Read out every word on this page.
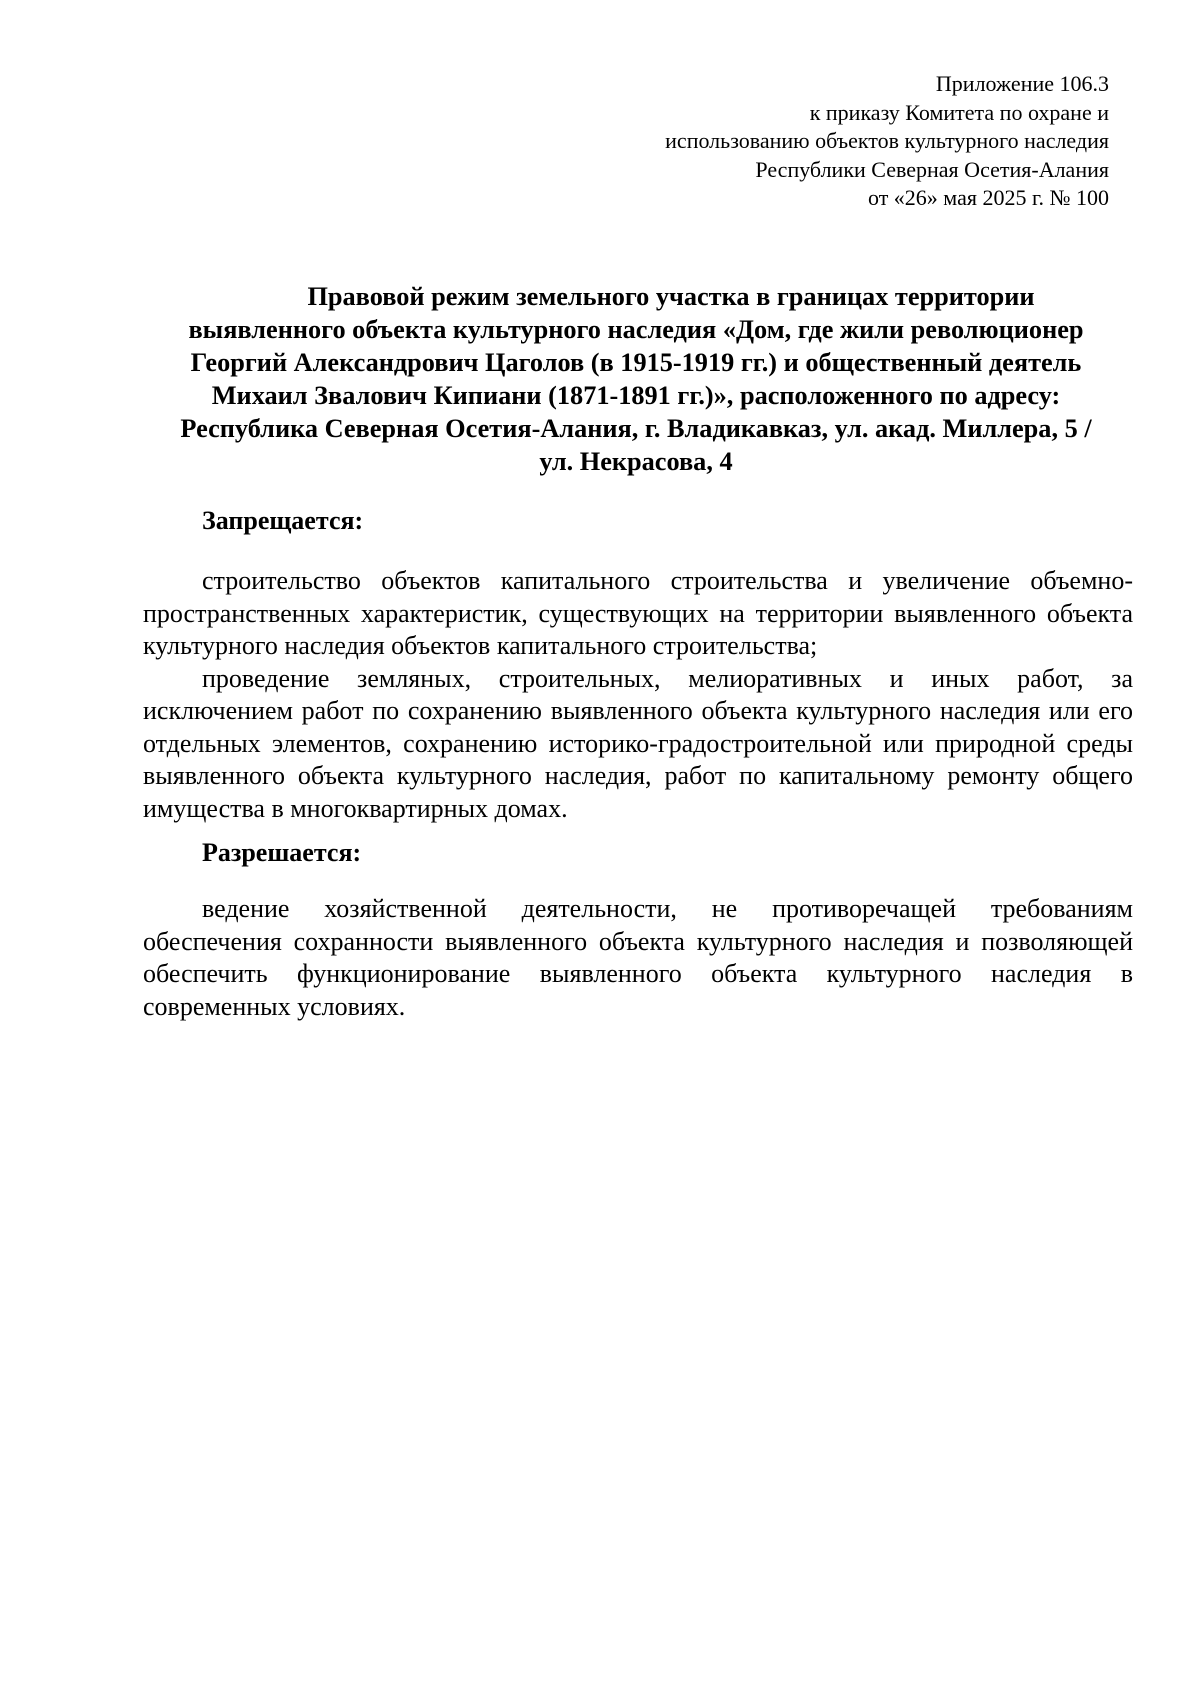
Приложение 106.3
к приказу Комитета по охране и
использованию объектов культурного наследия
Республики Северная Осетия-Алания
от «26» мая 2025 г. № 100
Правовой режим земельного участка в границах территории
выявленного объекта культурного наследия «Дом, где жили революционер
Георгий Александрович Цаголов (в 1915-1919 гг.) и общественный деятель
Михаил Звалович Кипиани (1871-1891 гг.)», расположенного по адресу:
Республика Северная Осетия-Алания, г. Владикавказ, ул. акад. Миллера, 5 /
ул. Некрасова, 4
Запрещается:

строительство объектов капитального строительства и увеличение объемно-пространственных характеристик, существующих на территории выявленного объекта культурного наследия объектов капитального строительства;

проведение земляных, строительных, мелиоративных и иных работ, за исключением работ по сохранению выявленного объекта культурного наследия или его отдельных элементов, сохранению историко-градостроительной или природной среды выявленного объекта культурного наследия, работ по капитальному ремонту общего имущества в многоквартирных домах.

Разрешается:

ведение хозяйственной деятельности, не противоречащей требованиям обеспечения сохранности выявленного объекта культурного наследия и позволяющей обеспечить функционирование выявленного объекта культурного наследия в современных условиях.
